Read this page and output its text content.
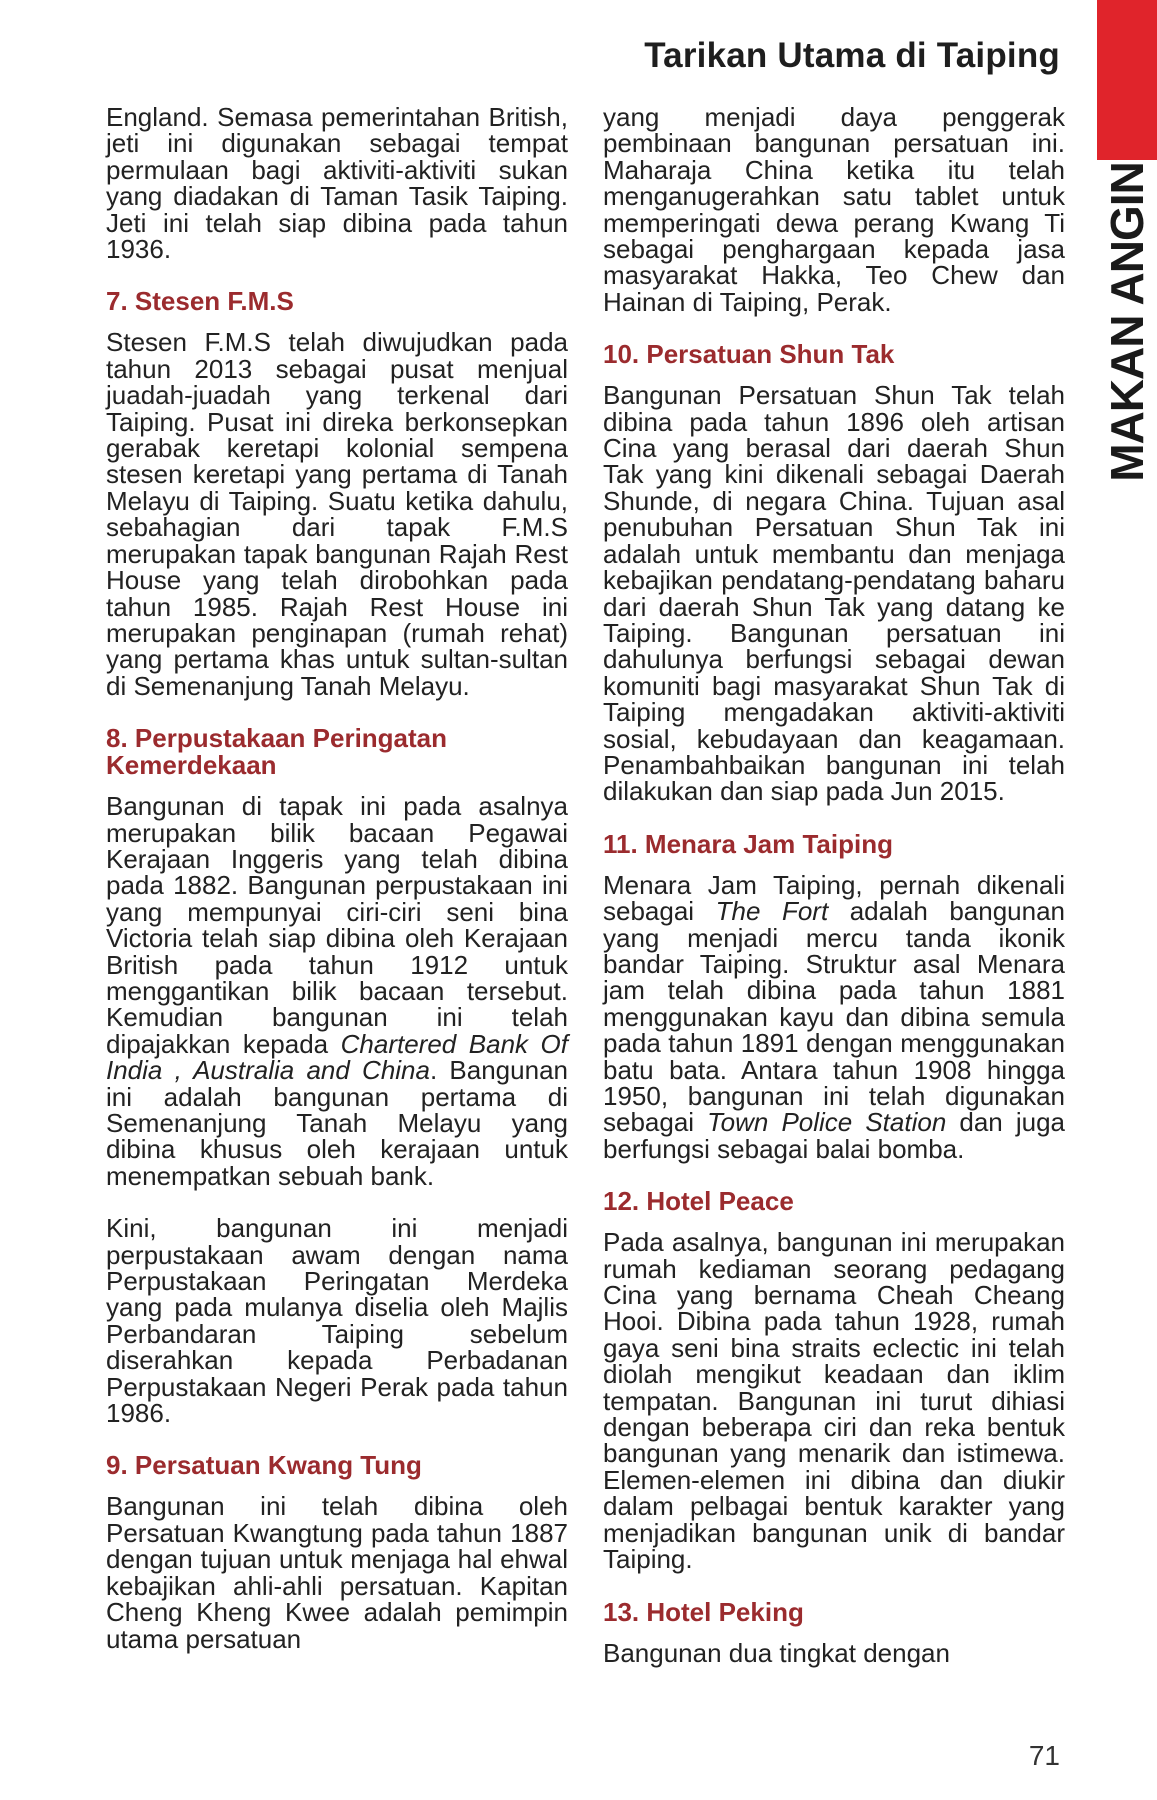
Tarikan Utama di Taiping
MAKAN ANGIN

England. Semasa pemerintahan British, jeti ini digunakan sebagai tempat permulaan bagi aktiviti-aktiviti sukan yang diadakan di Taman Tasik Taiping. Jeti ini telah siap dibina pada tahun 1936.

7. Stesen F.M.S

Stesen F.M.S telah diwujudkan pada tahun 2013 sebagai pusat menjual juadah-juadah yang terkenal dari Taiping. Pusat ini direka berkonsepkan gerabak keretapi kolonial sempena stesen keretapi yang pertama di Tanah Melayu di Taiping. Suatu ketika dahulu, sebahagian dari tapak F.M.S merupakan tapak bangunan Rajah Rest House yang telah dirobohkan pada tahun 1985. Rajah Rest House ini merupakan penginapan (rumah rehat) yang pertama khas untuk sultan-sultan di Semenanjung Tanah Melayu.

8. Perpustakaan Peringatan Kemerdekaan

Bangunan di tapak ini pada asalnya merupakan bilik bacaan Pegawai Kerajaan Inggeris yang telah dibina pada 1882. Bangunan perpustakaan ini yang mempunyai ciri-ciri seni bina Victoria telah siap dibina oleh Kerajaan British pada tahun 1912 untuk menggantikan bilik bacaan tersebut. Kemudian bangunan ini telah dipajakkan kepada Chartered Bank Of India , Australia and China. Bangunan ini adalah bangunan pertama di Semenanjung Tanah Melayu yang dibina khusus oleh kerajaan untuk menempatkan sebuah bank.

Kini, bangunan ini menjadi perpustakaan awam dengan nama Perpustakaan Peringatan Merdeka yang pada mulanya diselia oleh Majlis Perbandaran Taiping sebelum diserahkan kepada Perbadanan Perpustakaan Negeri Perak pada tahun 1986.

9. Persatuan Kwang Tung

Bangunan ini telah dibina oleh Persatuan Kwangtung pada tahun 1887 dengan tujuan untuk menjaga hal ehwal kebajikan ahli-ahli persatuan. Kapitan Cheng Kheng Kwee adalah pemimpin utama persatuan

yang menjadi daya penggerak pembinaan bangunan persatuan ini. Maharaja China ketika itu telah menganugerahkan satu tablet untuk memperingati dewa perang Kwang Ti sebagai penghargaan kepada jasa masyarakat Hakka, Teo Chew dan Hainan di Taiping, Perak.

10. Persatuan Shun Tak

Bangunan Persatuan Shun Tak telah dibina pada tahun 1896 oleh artisan Cina yang berasal dari daerah Shun Tak yang kini dikenali sebagai Daerah Shunde, di negara China. Tujuan asal penubuhan Persatuan Shun Tak ini adalah untuk membantu dan menjaga kebajikan pendatang-pendatang baharu dari daerah Shun Tak yang datang ke Taiping. Bangunan persatuan ini dahulunya berfungsi sebagai dewan komuniti bagi masyarakat Shun Tak di Taiping mengadakan aktiviti-aktiviti sosial, kebudayaan dan keagamaan. Penambahbaikan bangunan ini telah dilakukan dan siap pada Jun 2015.

11. Menara Jam Taiping

Menara Jam Taiping, pernah dikenali sebagai The Fort adalah bangunan yang menjadi mercu tanda ikonik bandar Taiping. Struktur asal Menara jam telah dibina pada tahun 1881 menggunakan kayu dan dibina semula pada tahun 1891 dengan menggunakan batu bata. Antara tahun 1908 hingga 1950, bangunan ini telah digunakan sebagai Town Police Station dan juga berfungsi sebagai balai bomba.

12. Hotel Peace

Pada asalnya, bangunan ini merupakan rumah kediaman seorang pedagang Cina yang bernama Cheah Cheang Hooi. Dibina pada tahun 1928, rumah gaya seni bina straits eclectic ini telah diolah mengikut keadaan dan iklim tempatan. Bangunan ini turut dihiasi dengan beberapa ciri dan reka bentuk bangunan yang menarik dan istimewa. Elemen-elemen ini dibina dan diukir dalam pelbagai bentuk karakter yang menjadikan bangunan unik di bandar Taiping.

13. Hotel Peking

Bangunan dua tingkat dengan

71
